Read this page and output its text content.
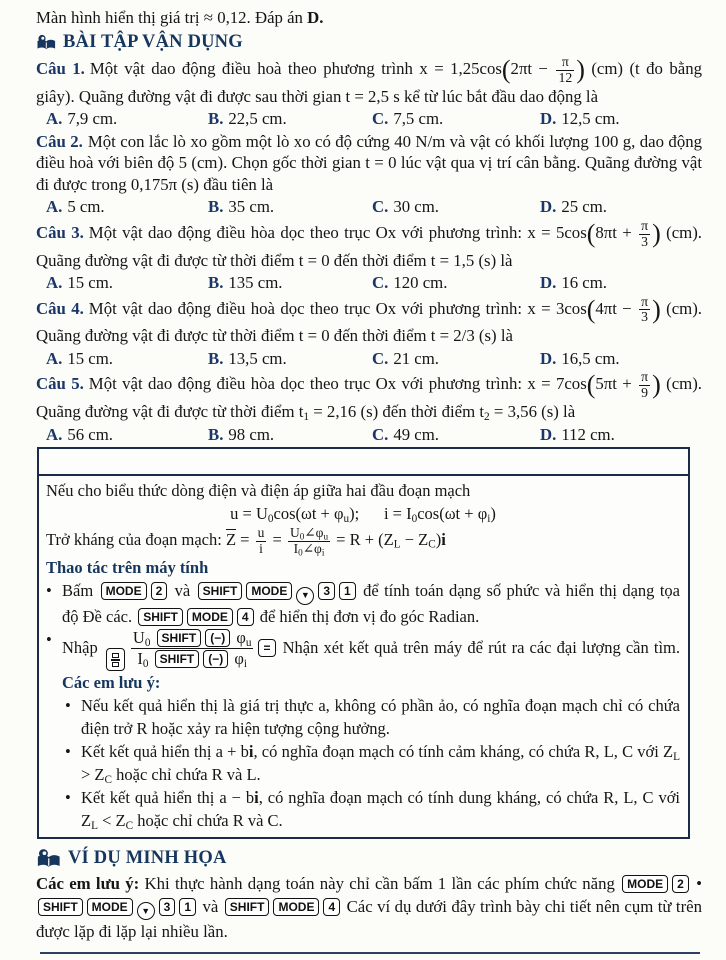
Màn hình hiển thị giá trị ≈ 0,12. Đáp án D.

BÀI TẬP VẬN DỤNG

Câu 1. Một vật dao động điều hoà theo phương trình $x = 1,25\cos(2\pi t - \frac{\pi}{12}$ ) (cm) (t đo bằng giây). Quãng đường vật đi được sau thời gian t = 2,5 s kể từ lúc bắt đầu dao động là

A. 7,9 cm.	B. 22,5 cm.	C. 7,5 cm.	D. 12,5 cm.

Câu 2. Một con lắc lò xo gồm một lò xo có độ cứng 40 N/m và vật có khối lượng 100 g, dao động điều hoà với biên độ 5 (cm). Chọn gốc thời gian t = 0 lúc vật qua vị trí cân bằng. Quãng đường vật đi được trong 0,175π (s) đầu tiên là

A. 5 cm.	B. 35 cm.	C. 30 cm.	D. 25 cm.

Câu 3. Một vật dao động điều hòa dọc theo trục Ox với phương trình: $x = 5\cos(8\pi t + \frac{\pi}{3}$ ) (cm). Quãng đường vật đi được từ thời điểm t = 0 đến thời điểm t = 1,5 (s) là

A. 15 cm.	B. 135 cm.	C. 120 cm.	D. 16 cm.

Câu 4. Một vật dao động điều hoà dọc theo trục Ox với phương trình: $x = 3\cos(4\pi t - \frac{\pi}{3}$ ) (cm). Quãng đường vật đi được từ thời điểm t = 0 đến thời điểm t = 2/3 (s) là

A. 15 cm.	B. 13,5 cm.	C. 21 cm.	D. 16,5 cm.

Câu 5. Một vật dao động điều hòa dọc theo trục Ox với phương trình: $x = 7\cos(5\pi t + \frac{\pi}{9}$ ) (cm). Quãng đường vật đi được từ thời điểm $t_1 = 2,16$ (s) đến thời điểm $t_2 = 3,56$ (s) là

A. 56 cm.	B. 98 cm.	C. 49 cm.	D. 112 cm.

Nếu cho biểu thức dòng điện và điện áp giữa hai đầu đoạn mạch

$u = U_0\cos(\omega t + \varphi_u)$;   $i = I_0\cos(\omega t + \varphi_i)$

Trở kháng của đoạn mạch: $\overline{Z} = \frac{u}{i} = \frac{U_0\angle\varphi_u}{I_0\angle\varphi_i} = R + (Z_L - Z_C)i$

Thao tác trên máy tính

• Bấm MODE 2 và SHIFT MODE ▼ 3 1 để tính toán dạng số phức và hiển thị dạng tọa độ Đề các. SHIFT MODE 4 để hiển thị đơn vị đo góc Radian.
• Nhập $\frac{U_0 SHIFT (-) \varphi_u}{I_0 SHIFT (-) \varphi_i}$ = Nhận xét kết quả trên máy để rút ra các đại lượng cần tìm. Các em lưu ý:
• Nếu kết quả hiển thị là giá trị thực a, không có phần ảo, có nghĩa đoạn mạch chỉ có chứa điện trở R hoặc xảy ra hiện tượng cộng hưởng.
• Kết kết quả hiển thị a + bi, có nghĩa đoạn mạch có tính cảm kháng, có chứa R, L, C với $Z_L > Z_C$ hoặc chỉ chứa R và L.
• Kết kết quả hiển thị a − bi, có nghĩa đoạn mạch có tính dung kháng, có chứa R, L, C với $Z_L < Z_C$ hoặc chỉ chứa R và C.
VÍ DỤ MINH HỌA

Các em lưu ý: Khi thực hành dạng toán này chỉ cần bấm 1 lần các phím chức năng MODE 2 • SHIFT MODE ▼ 3 1 và SHIFT MODE 4 Các ví dụ dưới đây trình bày chi tiết nên cụm từ trên được lặp đi lặp lại nhiều lần.
